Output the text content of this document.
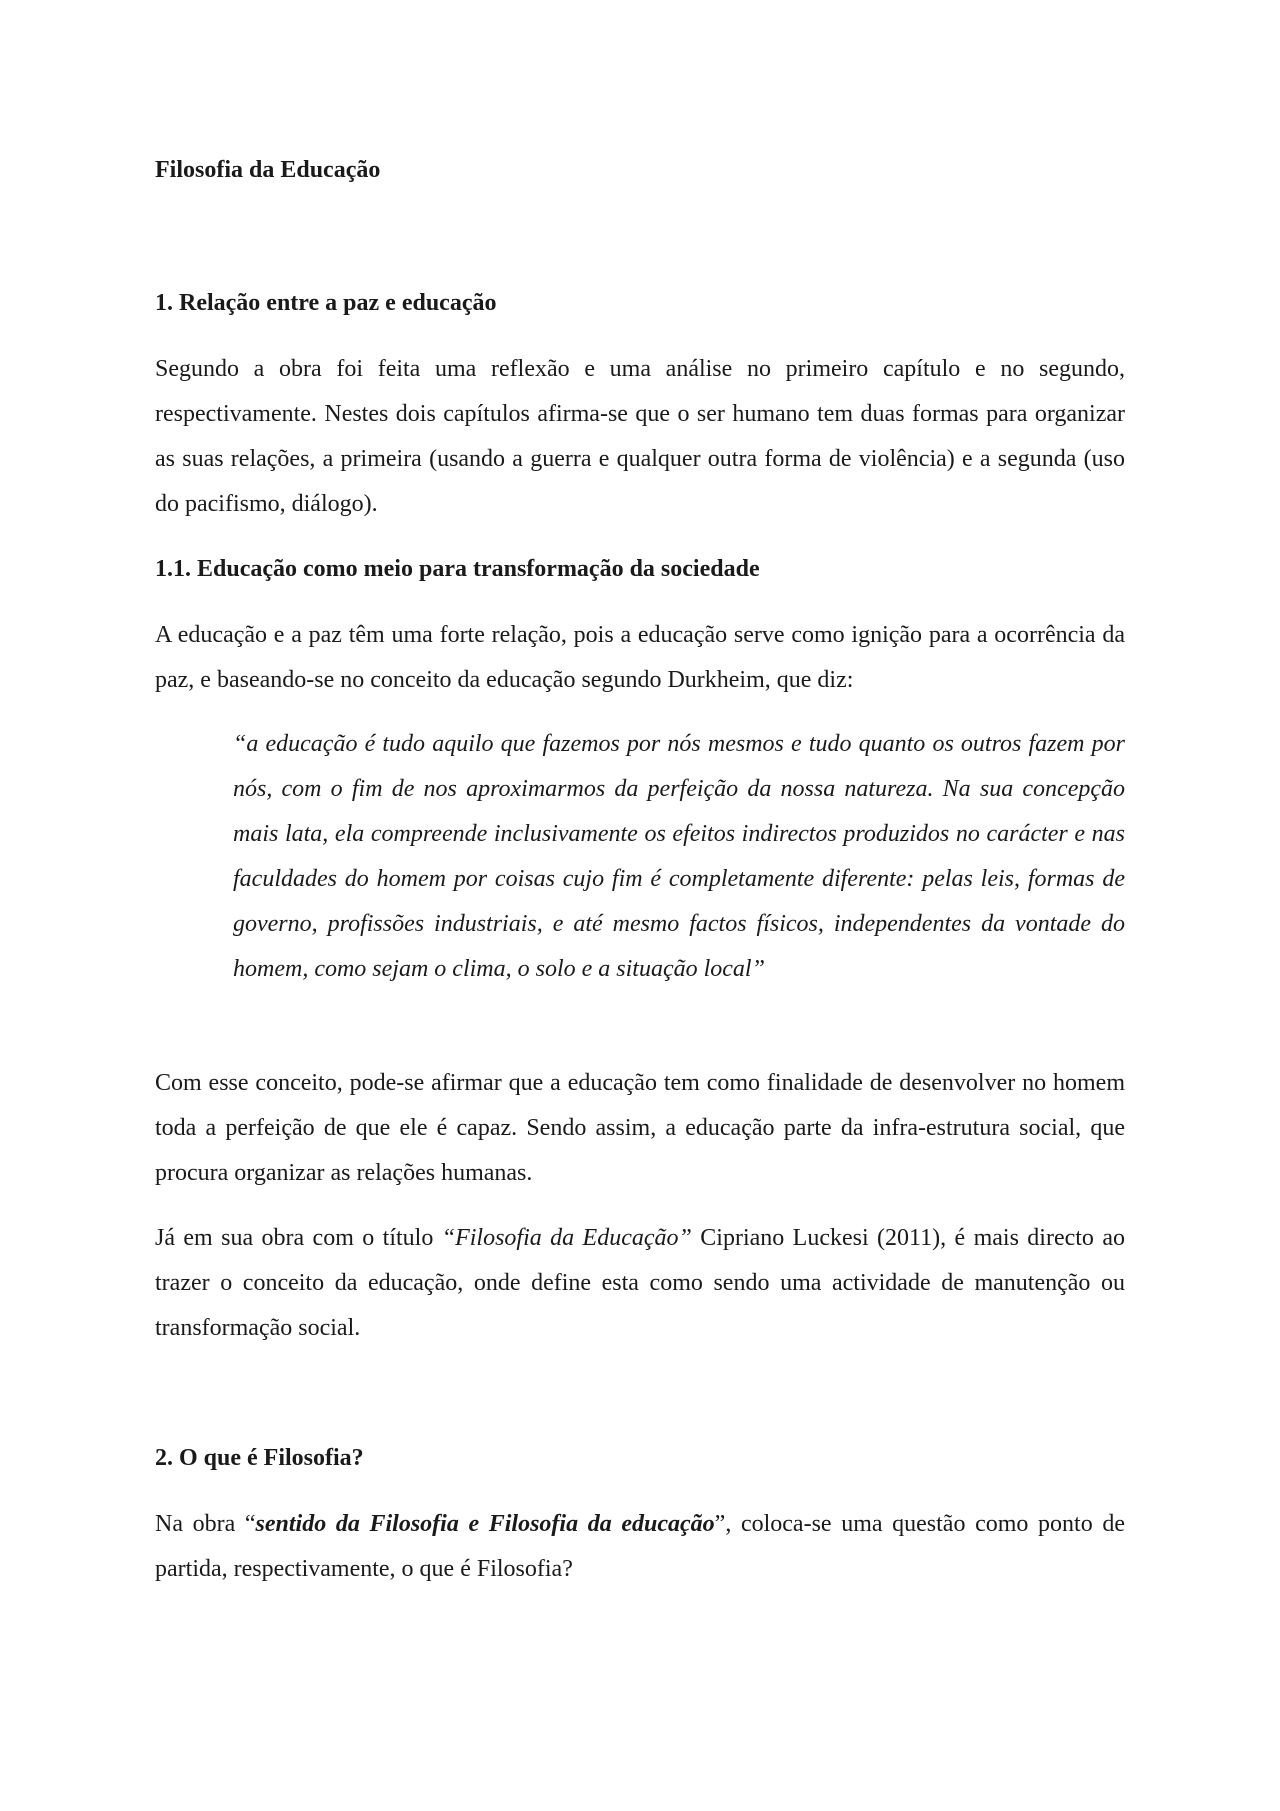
Filosofia da Educação
1. Relação entre a paz e educação

Segundo a obra foi feita uma reflexão e uma análise no primeiro capítulo e no segundo, respectivamente. Nestes dois capítulos afirma-se que o ser humano tem duas formas para organizar as suas relações, a primeira (usando a guerra e qualquer outra forma de violência) e a segunda (uso do pacifismo, diálogo).

1.1. Educação como meio para transformação da sociedade

A educação e a paz têm uma forte relação, pois a educação serve como ignição para a ocorrência da paz, e baseando-se no conceito da educação segundo Durkheim, que diz:

“a educação é tudo aquilo que fazemos por nós mesmos e tudo quanto os outros fazem por nós, com o fim de nos aproximarmos da perfeição da nossa natureza. Na sua concepção mais lata, ela compreende inclusivamente os efeitos indirectos produzidos no carácter e nas faculdades do homem por coisas cujo fim é completamente diferente: pelas leis, formas de governo, profissões industriais, e até mesmo factos físicos, independentes da vontade do homem, como sejam o clima, o solo e a situação local”

Com esse conceito, pode-se afirmar que a educação tem como finalidade de desenvolver no homem toda a perfeição de que ele é capaz. Sendo assim, a educação parte da infra-estrutura social, que procura organizar as relações humanas.

Já em sua obra com o título “Filosofia da Educação” Cipriano Luckesi (2011), é mais directo ao trazer o conceito da educação, onde define esta como sendo uma actividade de manutenção ou transformação social.

2. O que é Filosofia?

Na obra “sentido da Filosofia e Filosofia da educação”, coloca-se uma questão como ponto de partida, respectivamente, o que é Filosofia?
